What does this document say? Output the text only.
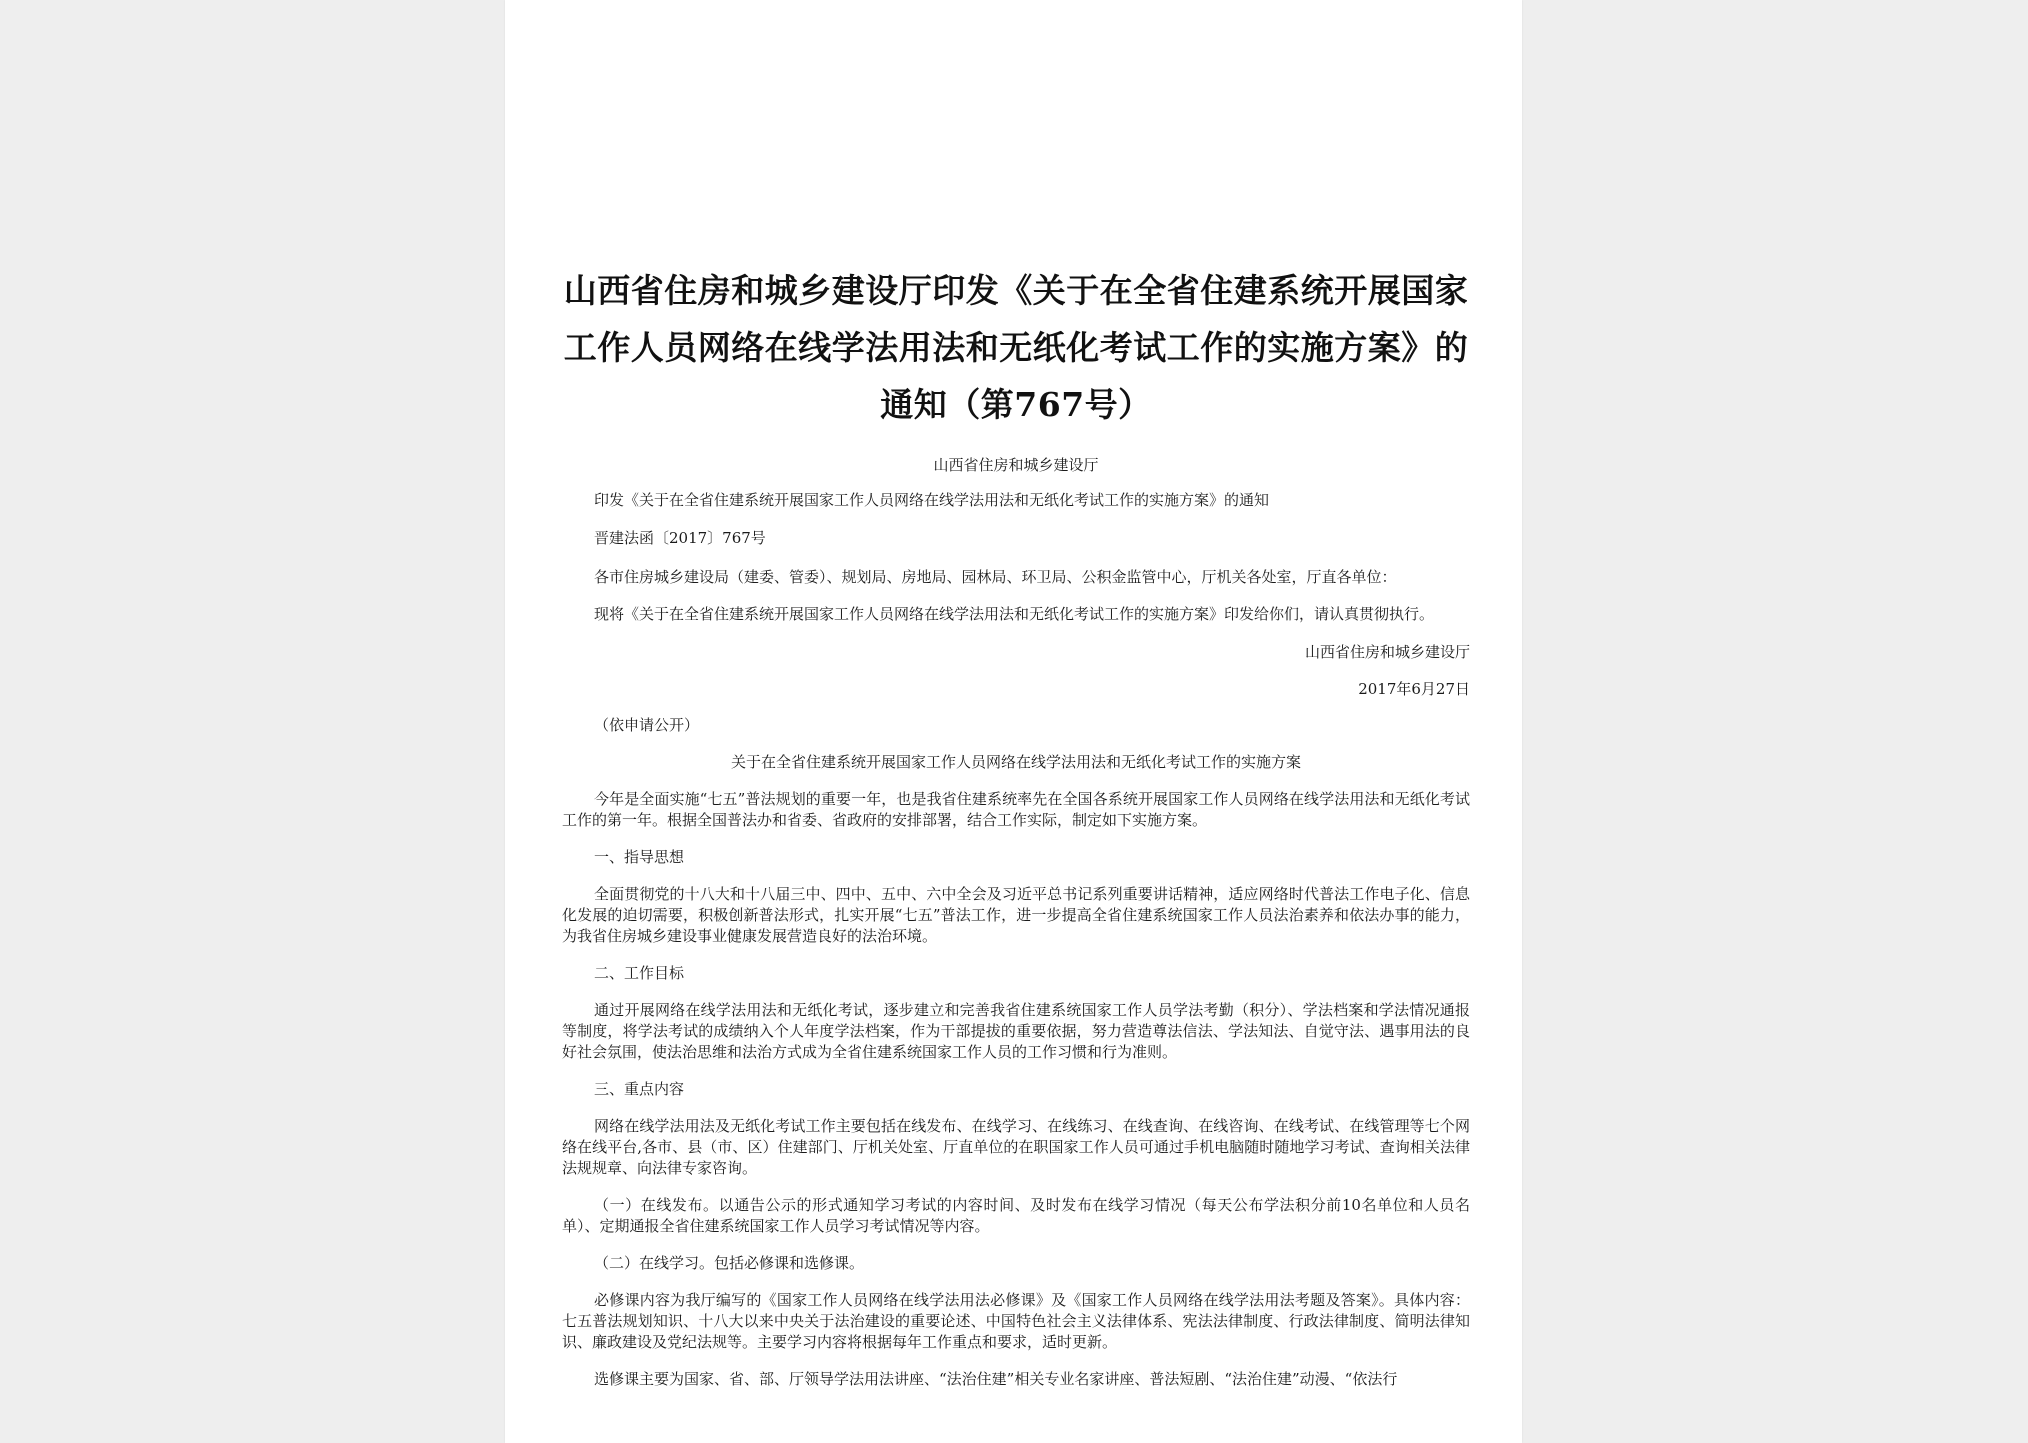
山西省住房和城乡建设厅印发《关于在全省住建系统开展国家工作人员网络在线学法用法和无纸化考试工作的实施方案》的通知（第767号）

山西省住房和城乡建设厅

印发《关于在全省住建系统开展国家工作人员网络在线学法用法和无纸化考试工作的实施方案》的通知

晋建法函〔2017〕767号

各市住房城乡建设局（建委、管委）、规划局、房地局、园林局、环卫局、公积金监管中心，厅机关各处室，厅直各单位：

现将《关于在全省住建系统开展国家工作人员网络在线学法用法和无纸化考试工作的实施方案》印发给你们，请认真贯彻执行。

山西省住房和城乡建设厅

2017年6月27日

（依申请公开）

关于在全省住建系统开展国家工作人员网络在线学法用法和无纸化考试工作的实施方案

今年是全面实施“七五”普法规划的重要一年，也是我省住建系统率先在全国各系统开展国家工作人员网络在线学法用法和无纸化考试工作的第一年。根据全国普法办和省委、省政府的安排部署，结合工作实际，制定如下实施方案。

一、指导思想

全面贯彻党的十八大和十八届三中、四中、五中、六中全会及习近平总书记系列重要讲话精神，适应网络时代普法工作电子化、信息化发展的迫切需要，积极创新普法形式，扎实开展“七五”普法工作，进一步提高全省住建系统国家工作人员法治素养和依法办事的能力，为我省住房城乡建设事业健康发展营造良好的法治环境。

二、工作目标

通过开展网络在线学法用法和无纸化考试，逐步建立和完善我省住建系统国家工作人员学法考勤（积分）、学法档案和学法情况通报等制度，将学法考试的成绩纳入个人年度学法档案，作为干部提拔的重要依据，努力营造尊法信法、学法知法、自觉守法、遇事用法的良好社会氛围，使法治思维和法治方式成为全省住建系统国家工作人员的工作习惯和行为准则。

三、重点内容

网络在线学法用法及无纸化考试工作主要包括在线发布、在线学习、在线练习、在线查询、在线咨询、在线考试、在线管理等七个网络在线平台,各市、县（市、区）住建部门、厅机关处室、厅直单位的在职国家工作人员可通过手机电脑随时随地学习考试、查询相关法律法规规章、向法律专家咨询。

（一）在线发布。以通告公示的形式通知学习考试的内容时间、及时发布在线学习情况（每天公布学法积分前10名单位和人员名单）、定期通报全省住建系统国家工作人员学习考试情况等内容。

（二）在线学习。包括必修课和选修课。

必修课内容为我厅编写的《国家工作人员网络在线学法用法必修课》及《国家工作人员网络在线学法用法考题及答案》。具体内容：七五普法规划知识、十八大以来中央关于法治建设的重要论述、中国特色社会主义法律体系、宪法法律制度、行政法律制度、简明法律知识、廉政建设及党纪法规等。主要学习内容将根据每年工作重点和要求，适时更新。

选修课主要为国家、省、部、厅领导学法用法讲座、“法治住建”相关专业名家讲座、普法短剧、“法治住建”动漫、“依法行
